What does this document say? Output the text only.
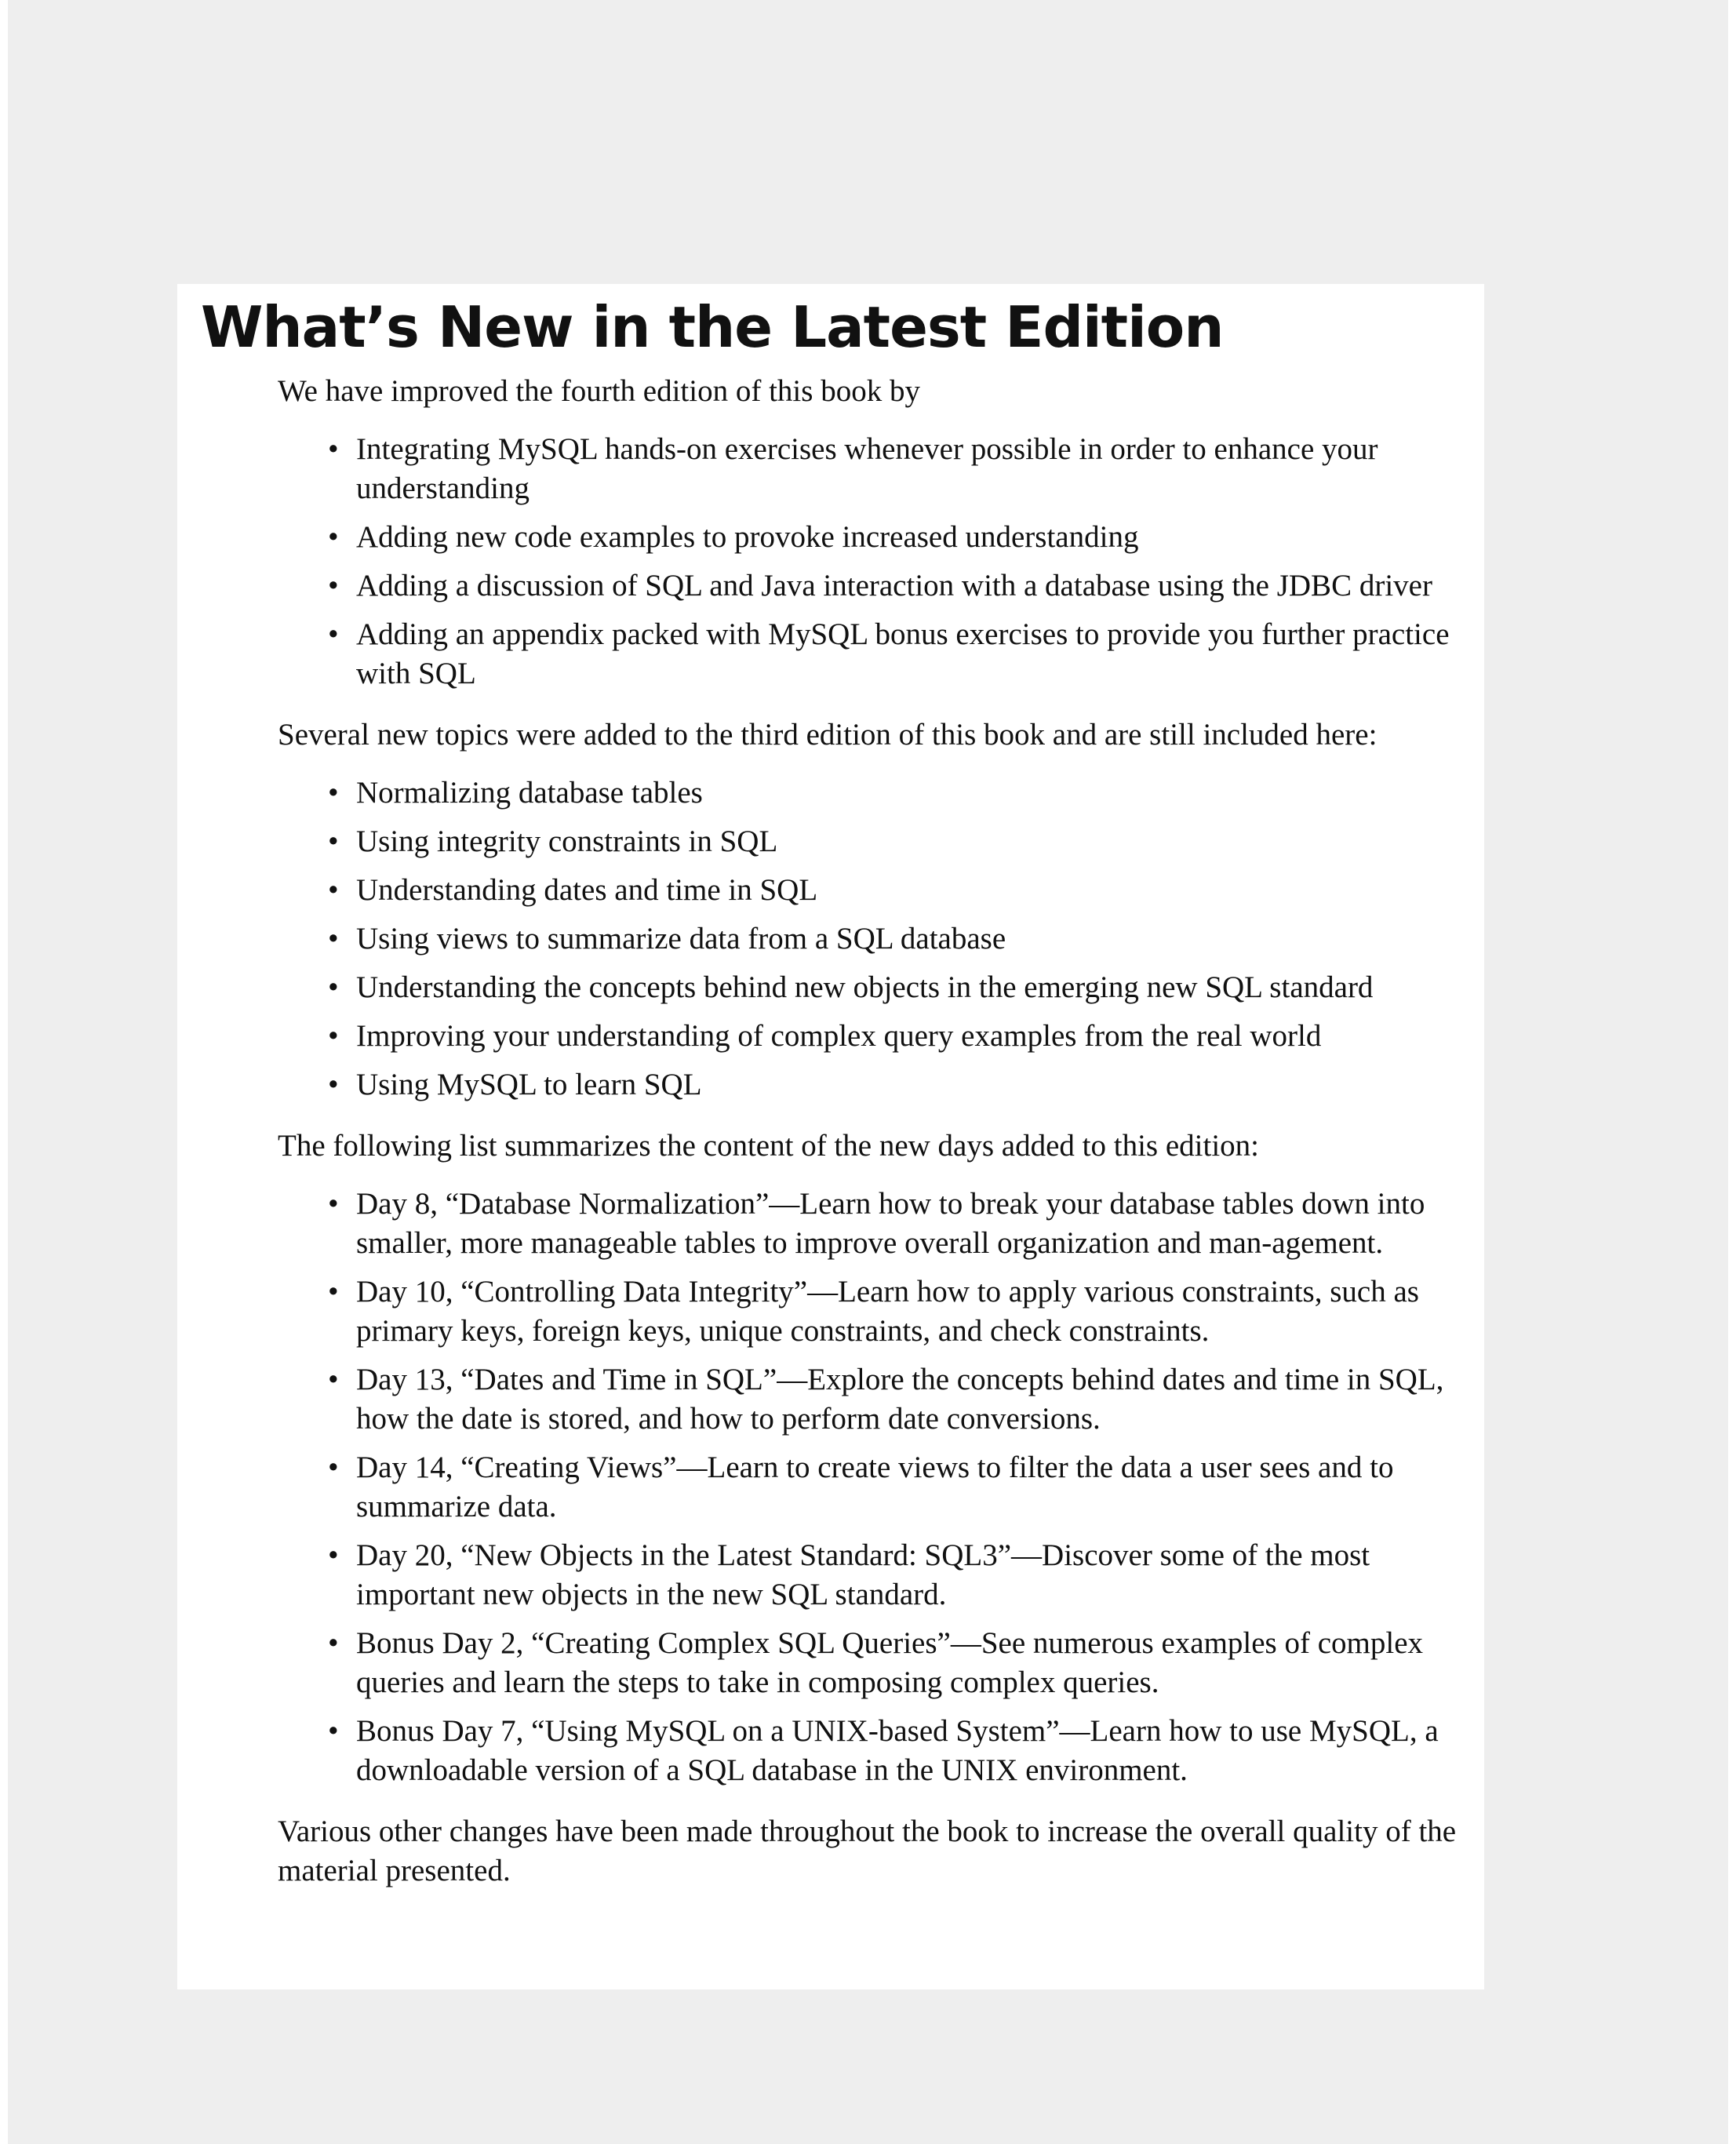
What’s New in the Latest Edition

We have improved the fourth edition of this book by

• Integrating MySQL hands-on exercises whenever possible in order to enhance your understanding
• Adding new code examples to provoke increased understanding
• Adding a discussion of SQL and Java interaction with a database using the JDBC driver
• Adding an appendix packed with MySQL bonus exercises to provide you further practice with SQL

Several new topics were added to the third edition of this book and are still included here:

• Normalizing database tables
• Using integrity constraints in SQL
• Understanding dates and time in SQL
• Using views to summarize data from a SQL database
• Understanding the concepts behind new objects in the emerging new SQL standard
• Improving your understanding of complex query examples from the real world
• Using MySQL to learn SQL

The following list summarizes the content of the new days added to this edition:

• Day 8, “Database Normalization”—Learn how to break your database tables down into smaller, more manageable tables to improve overall organization and man-agement.
• Day 10, “Controlling Data Integrity”—Learn how to apply various constraints, such as primary keys, foreign keys, unique constraints, and check constraints.
• Day 13, “Dates and Time in SQL”—Explore the concepts behind dates and time in SQL, how the date is stored, and how to perform date conversions.
• Day 14, “Creating Views”—Learn to create views to filter the data a user sees and to summarize data.
• Day 20, “New Objects in the Latest Standard: SQL3”—Discover some of the most important new objects in the new SQL standard.
• Bonus Day 2, “Creating Complex SQL Queries”—See numerous examples of complex queries and learn the steps to take in composing complex queries.
• Bonus Day 7, “Using MySQL on a UNIX-based System”—Learn how to use MySQL, a downloadable version of a SQL database in the UNIX environment.

Various other changes have been made throughout the book to increase the overall quality of the material presented.
